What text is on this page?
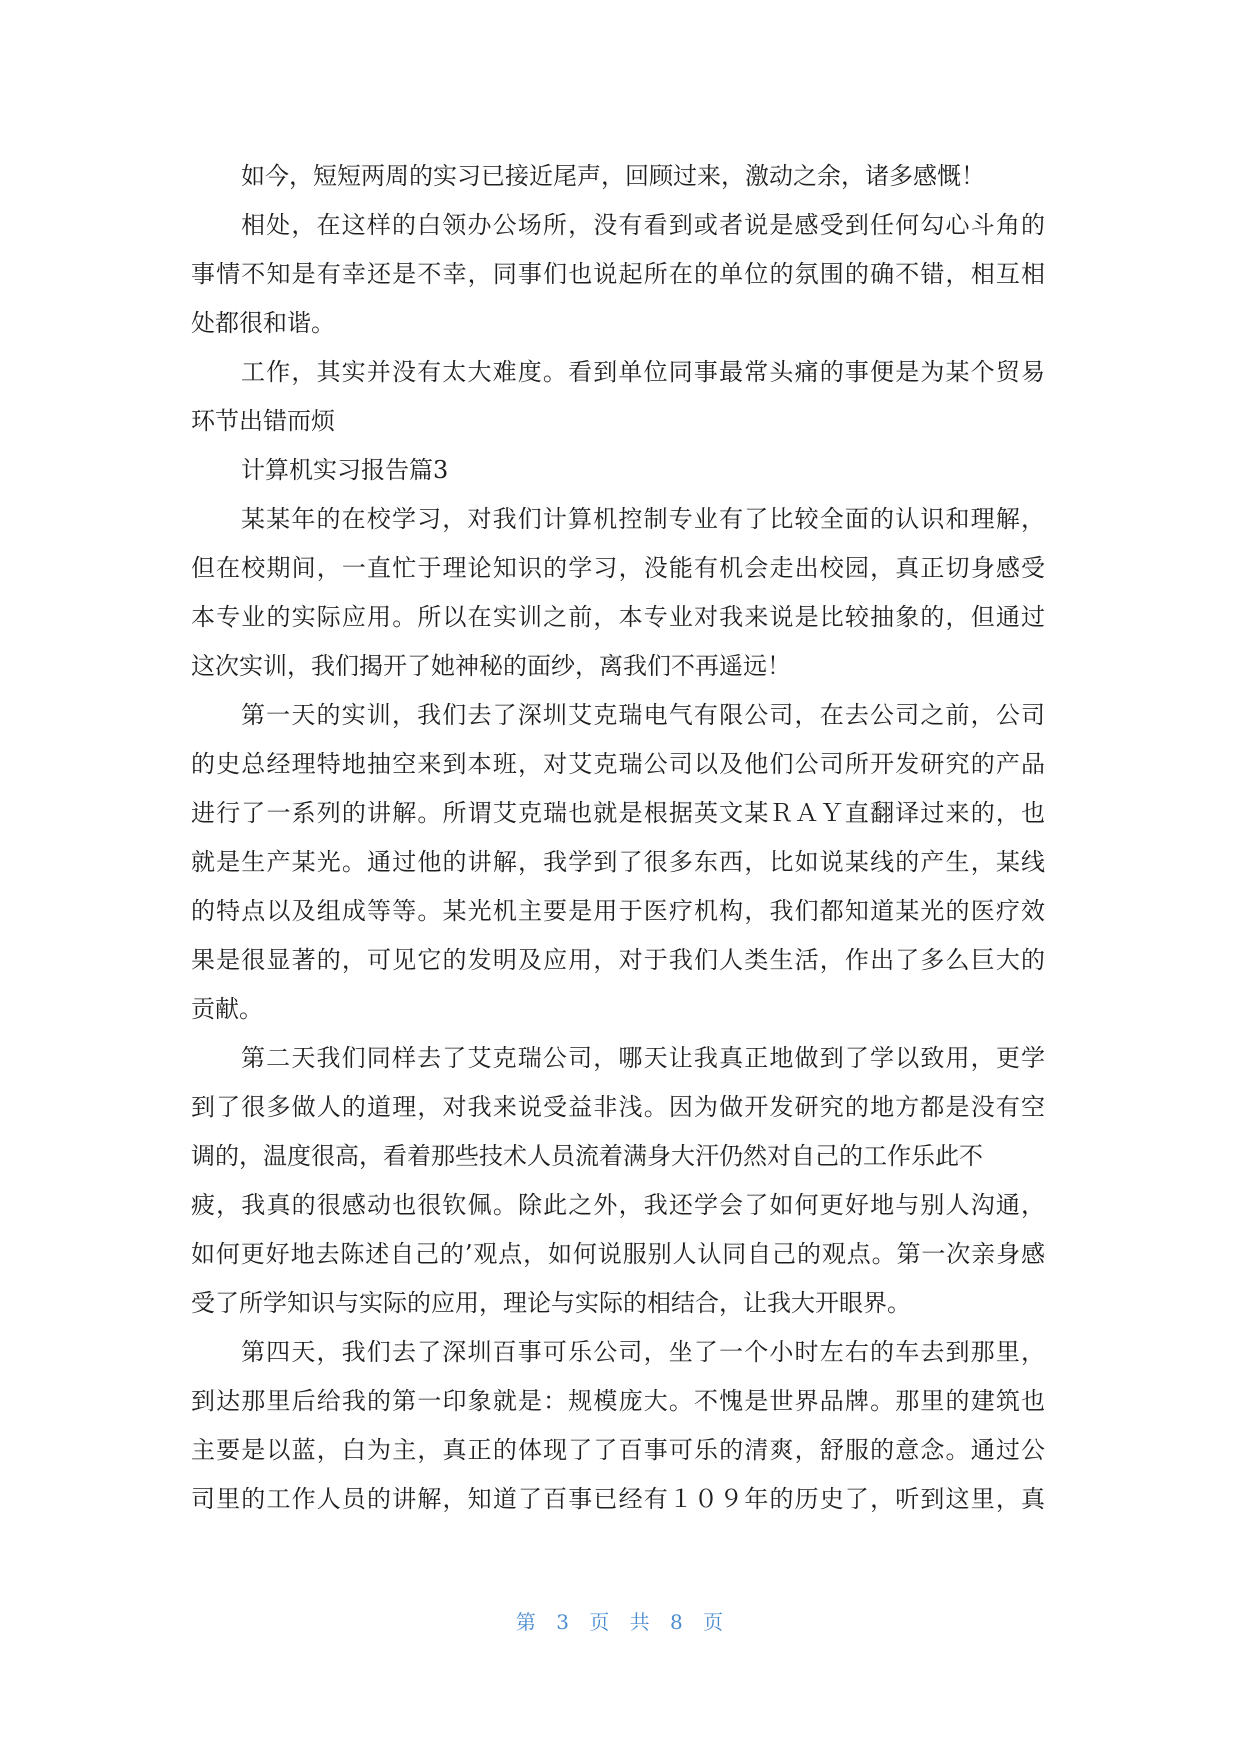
如今，短短两周的实习已接近尾声，回顾过来，激动之余，诸多感慨！
相处，在这样的白领办公场所，没有看到或者说是感受到任何勾心斗角的
事情不知是有幸还是不幸，同事们也说起所在的单位的氛围的确不错，相互相
处都很和谐。
工作，其实并没有太大难度。看到单位同事最常头痛的事便是为某个贸易
环节出错而烦
计算机实习报告篇3
某某年的在校学习，对我们计算机控制专业有了比较全面的认识和理解，
但在校期间，一直忙于理论知识的学习，没能有机会走出校园，真正切身感受
本专业的实际应用。所以在实训之前，本专业对我来说是比较抽象的，但通过
这次实训，我们揭开了她神秘的面纱，离我们不再遥远！
第一天的实训，我们去了深圳艾克瑞电气有限公司，在去公司之前，公司
的史总经理特地抽空来到本班，对艾克瑞公司以及他们公司所开发研究的产品
进行了一系列的讲解。所谓艾克瑞也就是根据英文某ＲＡＹ直翻译过来的，也
就是生产某光。通过他的讲解，我学到了很多东西，比如说某线的产生，某线
的特点以及组成等等。某光机主要是用于医疗机构，我们都知道某光的医疗效
果是很显著的，可见它的发明及应用，对于我们人类生活，作出了多么巨大的
贡献。
第二天我们同样去了艾克瑞公司，哪天让我真正地做到了学以致用，更学
到了很多做人的道理，对我来说受益非浅。因为做开发研究的地方都是没有空
调的，温度很高，看着那些技术人员流着满身大汗仍然对自己的工作乐此不
疲，我真的很感动也很钦佩。除此之外，我还学会了如何更好地与别人沟通，
如何更好地去陈述自己的’观点，如何说服别人认同自己的观点。第一次亲身感
受了所学知识与实际的应用，理论与实际的相结合，让我大开眼界。
第四天，我们去了深圳百事可乐公司，坐了一个小时左右的车去到那里，
到达那里后给我的第一印象就是：规模庞大。不愧是世界品牌。那里的建筑也
主要是以蓝，白为主，真正的体现了了百事可乐的清爽，舒服的意念。通过公
司里的工作人员的讲解，知道了百事已经有１０９年的历史了，听到这里，真
第 3 页 共 8 页
